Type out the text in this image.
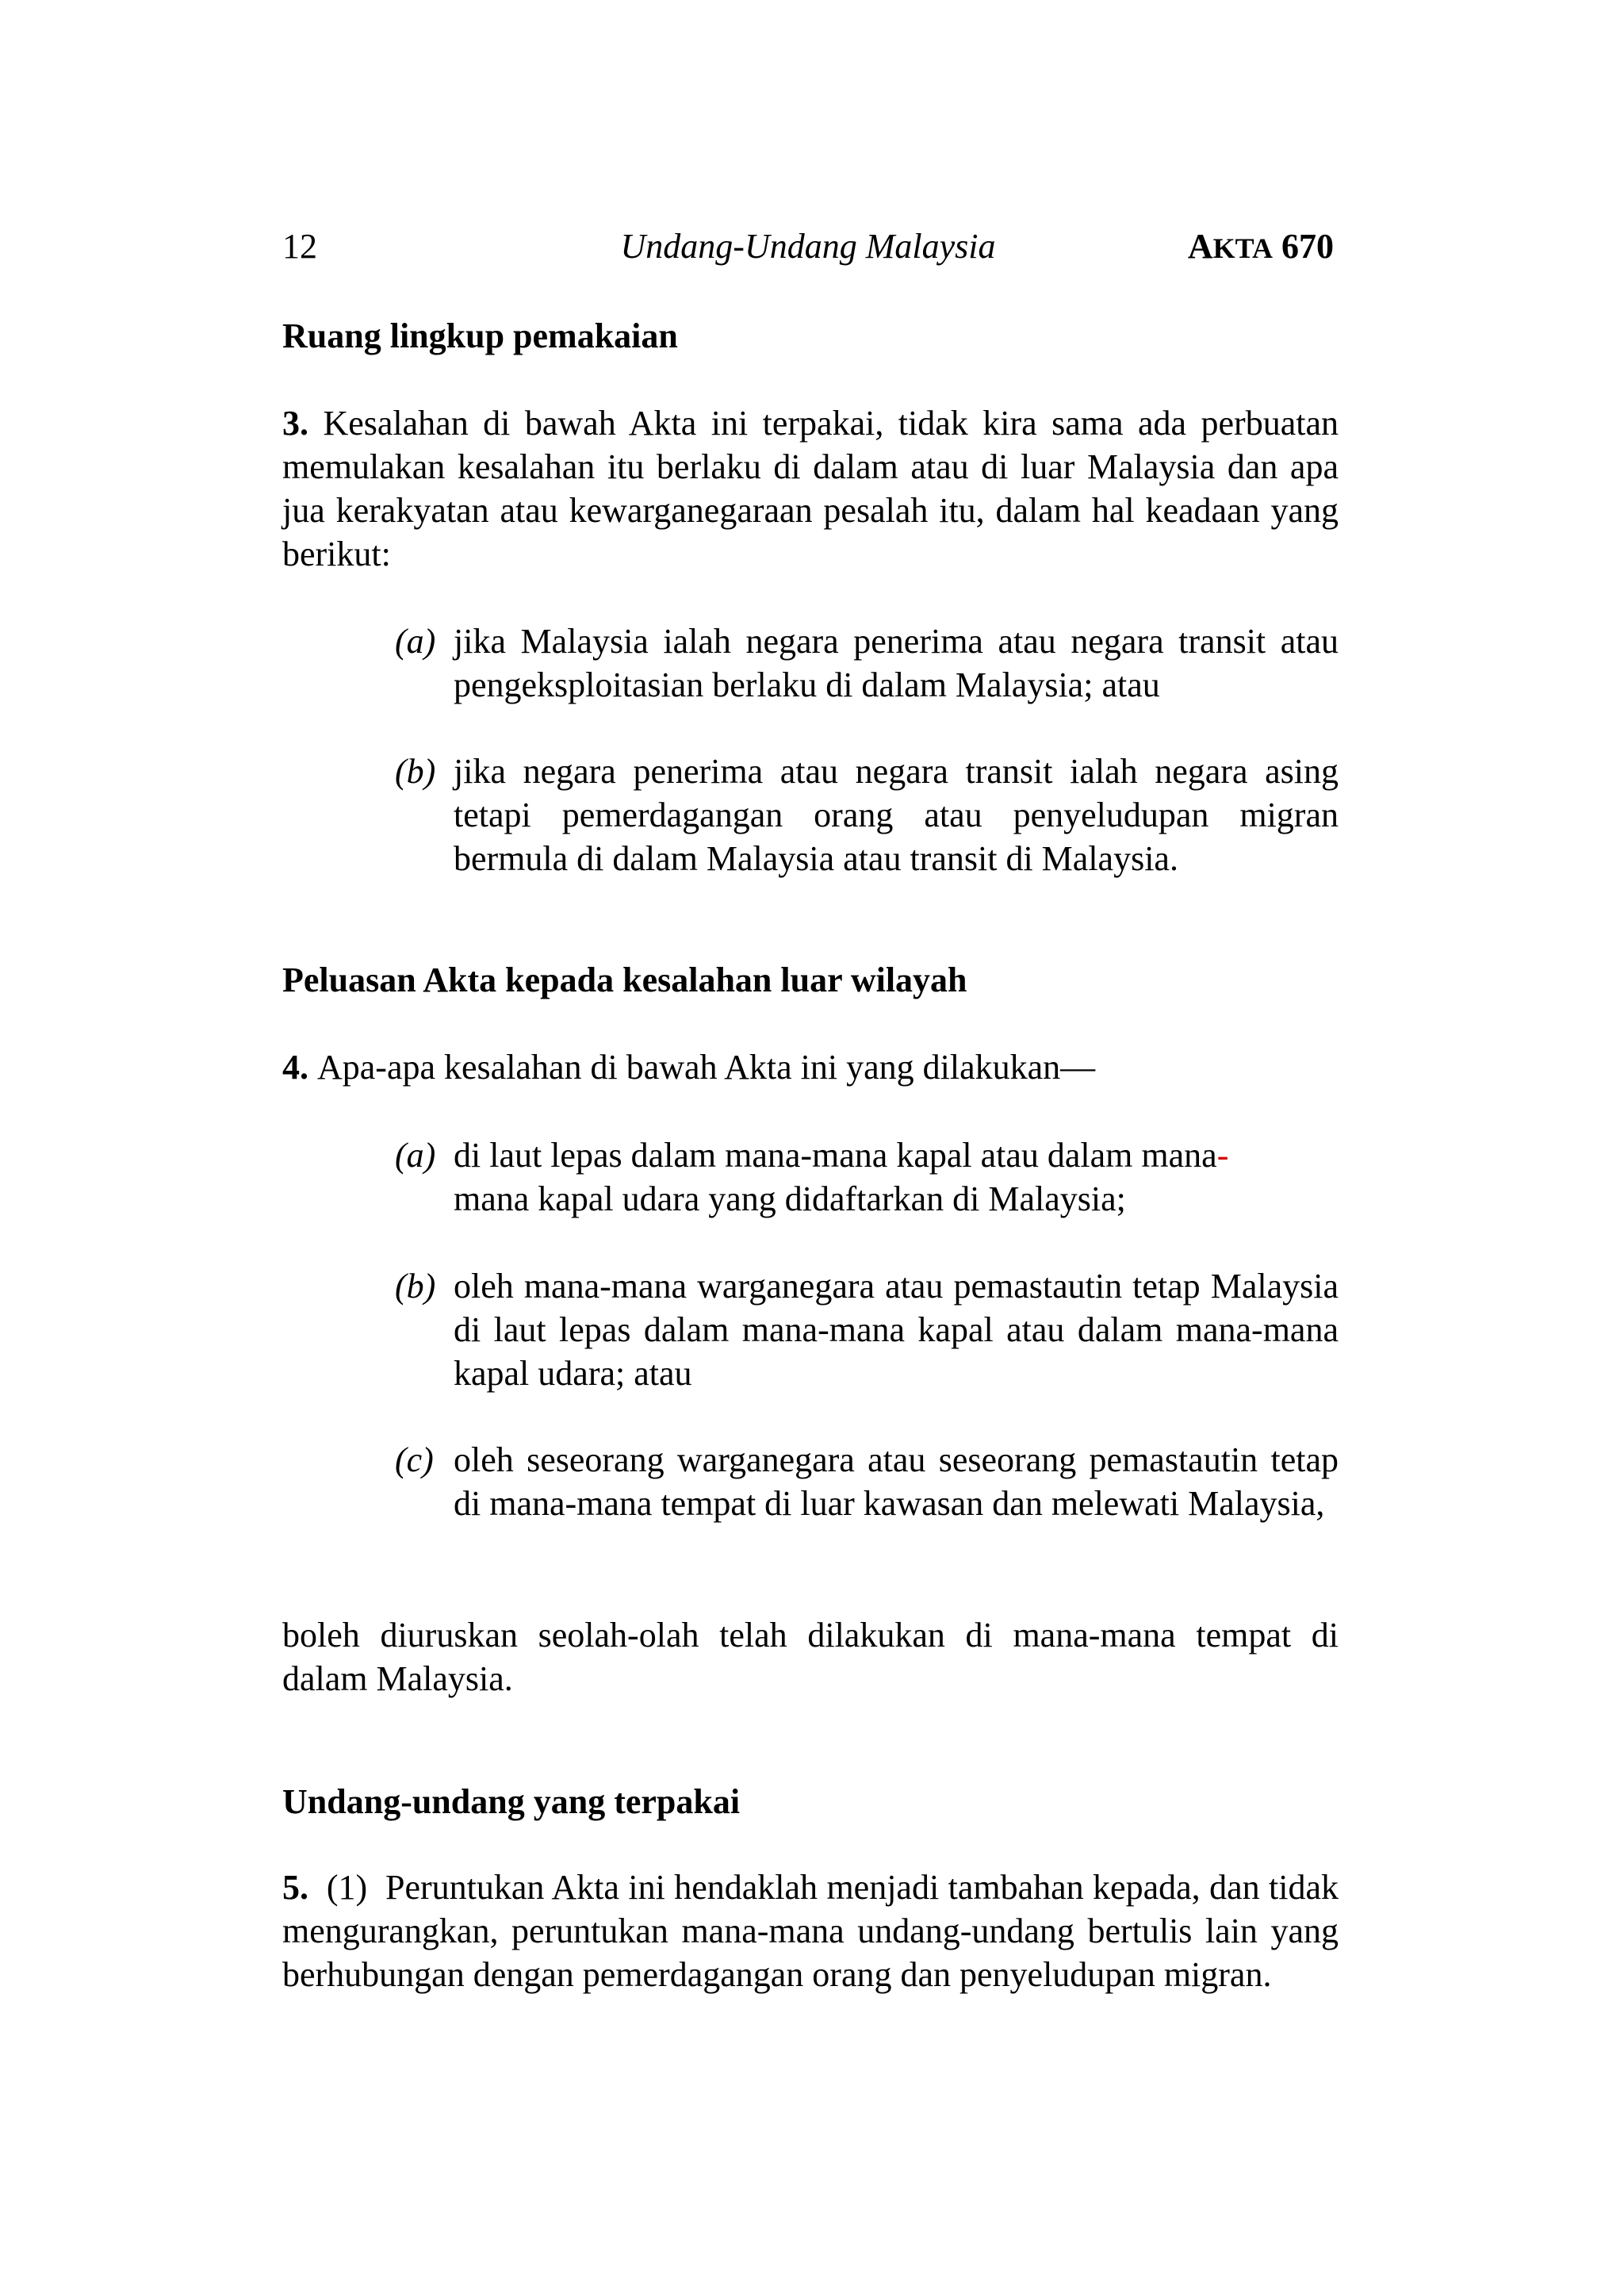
12	Undang-Undang Malaysia	AKTA 670
Ruang lingkup pemakaian
3. Kesalahan di bawah Akta ini terpakai, tidak kira sama ada perbuatan memulakan kesalahan itu berlaku di dalam atau di luar Malaysia dan apa jua kerakyatan atau kewarganegaraan pesalah itu, dalam hal keadaan yang berikut:
(a) jika Malaysia ialah negara penerima atau negara transit atau pengeksploitasian berlaku di dalam Malaysia; atau
(b) jika negara penerima atau negara transit ialah negara asing tetapi pemerdagangan orang atau penyeludupan migran bermula di dalam Malaysia atau transit di Malaysia.
Peluasan Akta kepada kesalahan luar wilayah
4. Apa-apa kesalahan di bawah Akta ini yang dilakukan—
(a) di laut lepas dalam mana-mana kapal atau dalam mana-
mana kapal udara yang didaftarkan di Malaysia;
(b) oleh mana-mana warganegara atau pemastautin tetap Malaysia di laut lepas dalam mana-mana kapal atau dalam mana-mana kapal udara; atau
(c) oleh seseorang warganegara atau seseorang pemastautin tetap di mana-mana tempat di luar kawasan dan melewati Malaysia,
boleh diuruskan seolah-olah telah dilakukan di mana-mana tempat di dalam Malaysia.
Undang-undang yang terpakai
5. (1) Peruntukan Akta ini hendaklah menjadi tambahan kepada, dan tidak mengurangkan, peruntukan mana-mana undang-undang bertulis lain yang berhubungan dengan pemerdagangan orang dan penyeludupan migran.
